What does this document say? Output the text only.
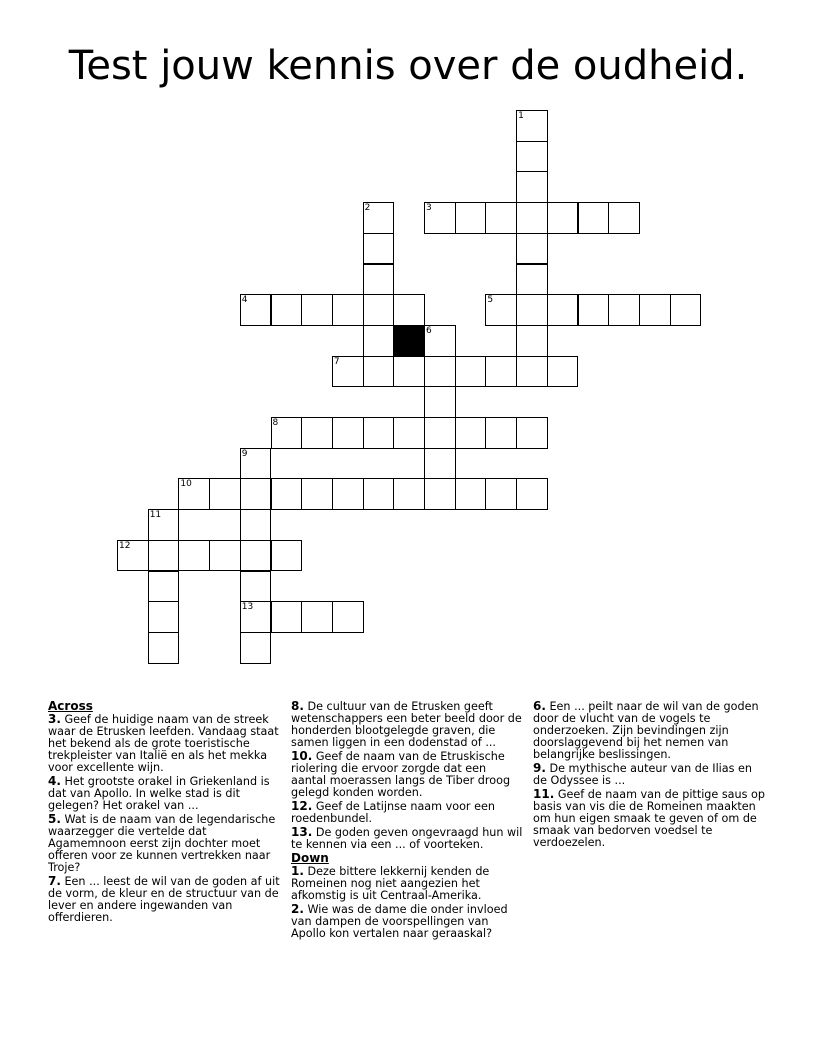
Test jouw kennis over de oudheid.
1
2	3
4	5
6
7
8
9
13
10
11
12
Across
3. Geef de huidige naam van de streek waar de Etrusken leefden. Vandaag staat het bekend als de grote toeristische trekpleister van Italië en als het mekka voor excellente wijn.
4. Het grootste orakel in Griekenland is dat van Apollo. In welke stad is dit gelegen? Het orakel van ...
5. Wat is de naam van de legendarische waarzegger die vertelde dat Agamemnoon eerst zijn dochter moet offeren voor ze kunnen vertrekken naar Troje?
7. Een ... leest de wil van de goden af uit de vorm, de kleur en de structuur van de lever en andere ingewanden van offerdieren.
8. De cultuur van de Etrusken geeft wetenschappers een beter beeld door de honderden blootgelegde graven, die samen liggen in een dodenstad of ...
10. Geef de naam van de Etruskische riolering die ervoor zorgde dat een aantal moerassen langs de Tiber droog gelegd konden worden.
12. Geef de Latijnse naam voor een roedenbundel.
13. De goden geven ongevraagd hun wil te kennen via een ... of voorteken.
Down
1. Deze bittere lekkernij kenden de Romeinen nog niet aangezien het afkomstig is uit Centraal-Amerika.
2. Wie was de dame die onder invloed van dampen de voorspellingen van Apollo kon vertalen naar geraaskal?
6. Een ... peilt naar de wil van de goden door de vlucht van de vogels te onderzoeken. Zijn bevindingen zijn doorslaggevend bij het nemen van belangrijke beslissingen.
9. De mythische auteur van de Ilias en de Odyssee is ...
11. Geef de naam van de pittige saus op basis van vis die de Romeinen maakten om hun eigen smaak te geven of om de smaak van bedorven voedsel te verdoezelen.
